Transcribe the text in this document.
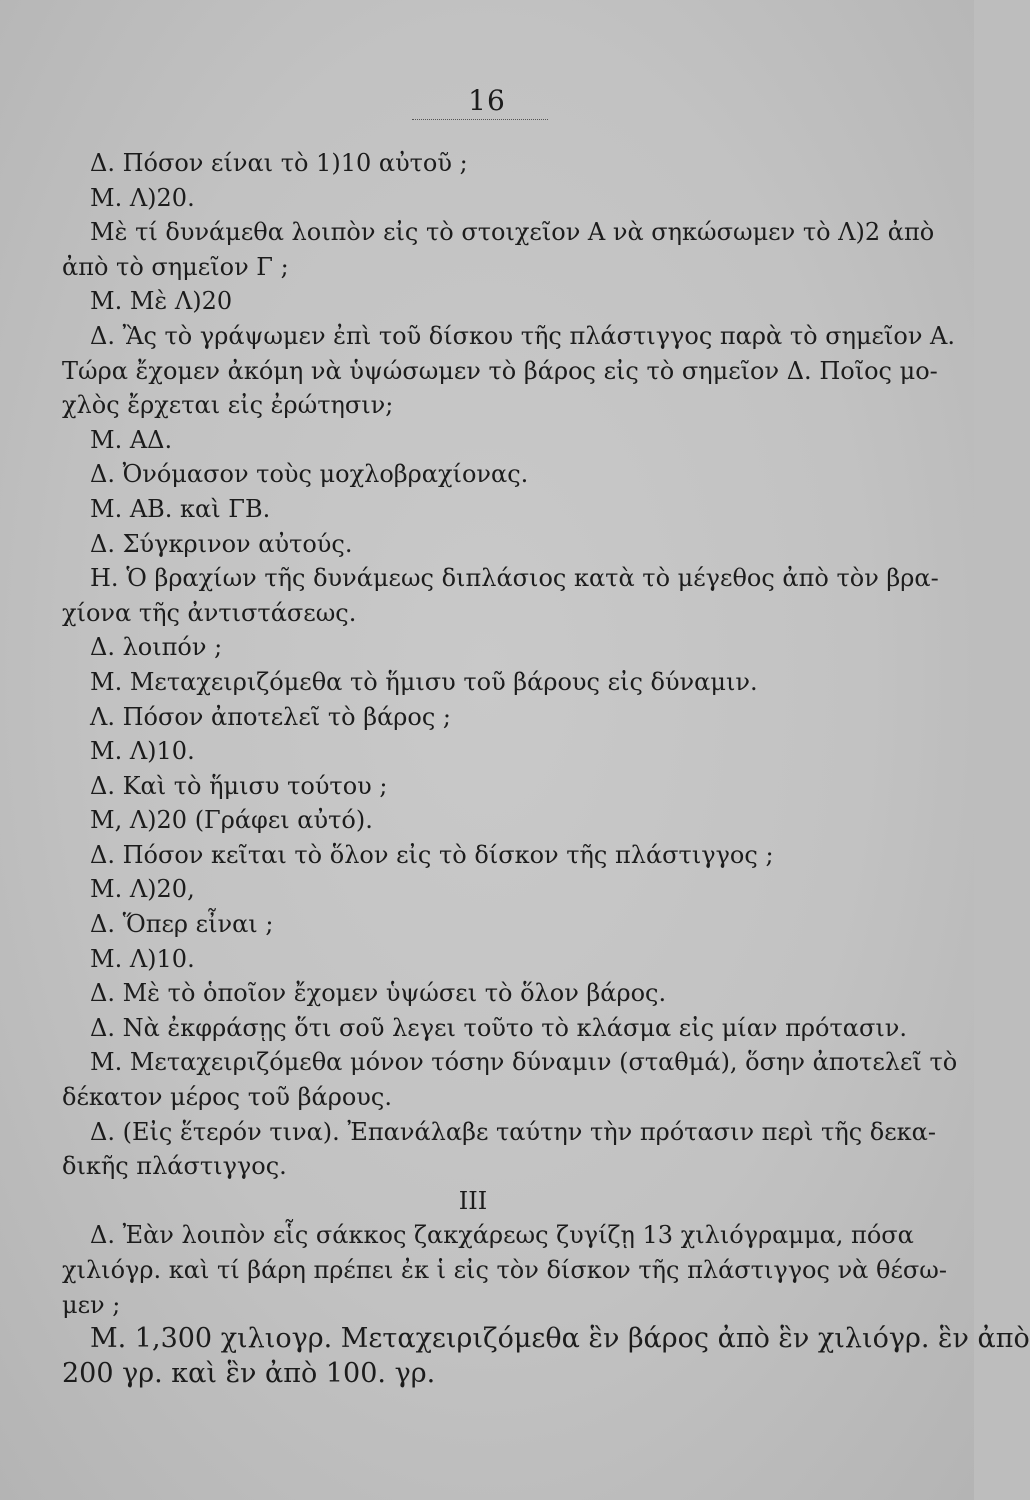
16
Δ. Πόσον είναι τὸ 1)10 αὐτοῦ ;
Μ. Λ)20.
Μὲ τί δυνάμεθα λοιπὸν εἰς τὸ στοιχεῖον Α νὰ σηκώσωμεν τὸ Λ)2 ἀπὸ
ἀπὸ τὸ σημεῖον Γ ;
Μ. Μὲ Λ)20
Δ. Ἂς τὸ γράψωμεν ἐπὶ τοῦ δίσκου τῆς πλάστιγγος παρὰ τὸ σημεῖον Α.
Τώρα ἔχομεν ἀκόμη νὰ ὑψώσωμεν τὸ βάρος εἰς τὸ σημεῖον Δ. Ποῖος μο-
χλὸς ἔρχεται εἰς ἐρώτησιν;
Μ. ΑΔ.
Δ. Ὀνόμασον τοὺς μοχλοβραχίονας.
Μ. ΑΒ. καὶ ΓΒ.
Δ. Σύγκρινον αὐτούς.
Η. Ὁ βραχίων τῆς δυνάμεως διπλάσιος κατὰ τὸ μέγεθος ἀπὸ τὸν βρα-
χίονα τῆς ἀντιστάσεως.
Δ. λοιπόν ;
Μ. Μεταχειριζόμεθα τὸ ἥμισυ τοῦ βάρους εἰς δύναμιν.
Λ. Πόσον ἀποτελεῖ τὸ βάρος ;
Μ. Λ)10.
Δ. Καὶ τὸ ἥμισυ τούτου ;
Μ, Λ)20 (Γράφει αὐτό).
Δ. Πόσον κεῖται τὸ ὅλον εἰς τὸ δίσκον τῆς πλάστιγγος ;
Μ. Λ)20,
Δ. Ὅπερ εἶναι ;
Μ. Λ)10.
Δ. Μὲ τὸ ὁποῖον ἔχομεν ὑψώσει τὸ ὅλον βάρος.
Δ. Νὰ ἐκφράσῃς ὅτι σοῦ λεγει τοῦτο τὸ κλάσμα εἰς μίαν πρότασιν.
Μ. Μεταχειριζόμεθα μόνον τόσην δύναμιν (σταθμά), ὅσην ἀποτελεῖ τὸ
δέκατον μέρος τοῦ βάρους.
Δ. (Εἰς ἕτερόν τινα). Ἐπανάλαβε ταύτην τὴν πρότασιν περὶ τῆς δεκα-
δικῆς πλάστιγγος.
ΙΙΙ
Δ. Ἐὰν λοιπὸν εἷς σάκκος ζακχάρεως ζυγίζῃ 13 χιλιόγραμμα, πόσα
χιλιόγρ. καὶ τί βάρη πρέπει ἐκ ἱ εἰς τὸν δίσκον τῆς πλάστιγγος νὰ θέσω-
μεν ;
Μ. 1,300 χιλιογρ. Μεταχειριζόμεθα ἓν βάρος ἀπὸ ἓν χιλιόγρ. ἓν ἀπὸ
200 γρ. καὶ ἓν ἀπὸ 100. γρ.
